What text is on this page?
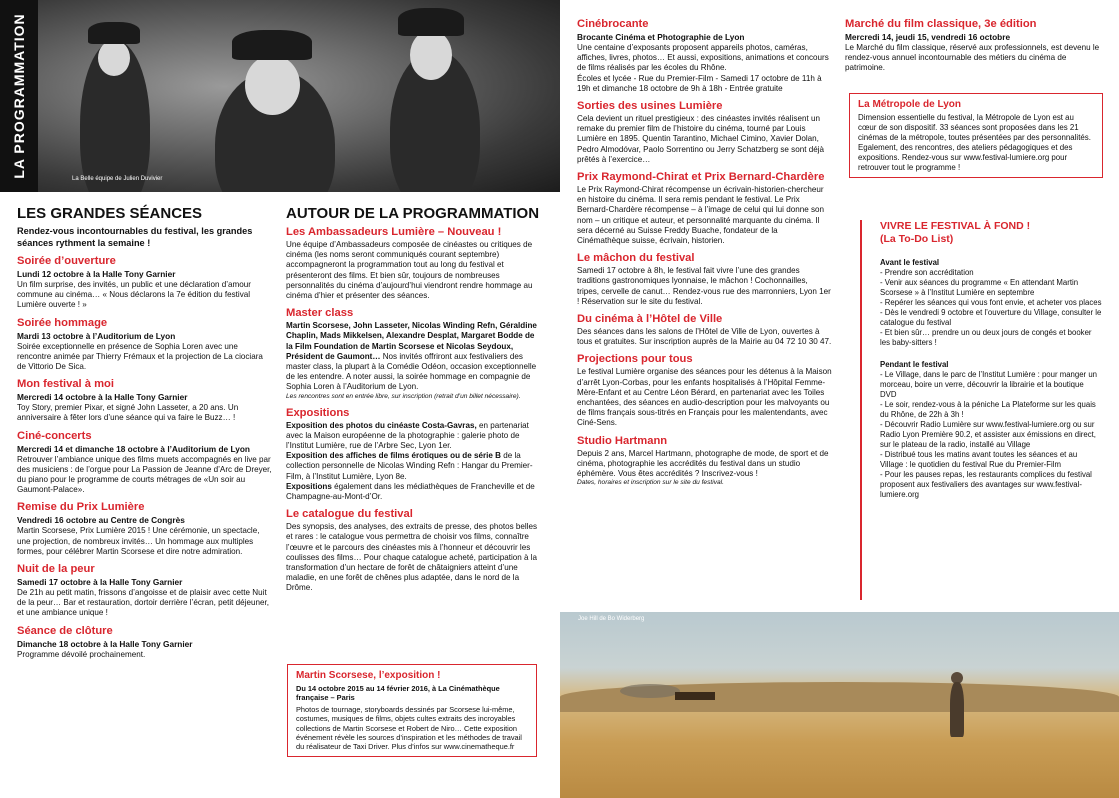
La Belle équipe de Julien Duvivier
LA PROGRAMMATION
LES GRANDES SÉANCES
Rendez-vous incontournables du festival, les grandes séances rythment la semaine !
Soirée d’ouverture
Lundi 12 octobre à la Halle Tony Garnier
Un film surprise, des invités, un public et une déclaration d’amour commune au cinéma… « Nous déclarons la 7e édition du festival Lumière ouverte ! »
Soirée hommage
Mardi 13 octobre à l’Auditorium de Lyon
Soirée exceptionnelle en présence de Sophia Loren avec une rencontre animée par Thierry Frémaux et la projection de La ciociara de Vittorio De Sica.
Mon festival à moi
Mercredi 14 octobre à la Halle Tony Garnier
Toy Story, premier Pixar, et signé John Lasseter, a 20 ans. Un anniversaire à fêter lors d’une séance qui va faire le Buzz… !
Ciné-concerts
Mercredi 14 et dimanche 18 octobre à l’Auditorium de Lyon
Retrouver l’ambiance unique des films muets accompagnés en live par des musiciens : de l’orgue pour La Passion de Jeanne d’Arc de Dreyer, du piano pour le programme de courts métrages de «Un soir au Gaumont-Palace».
Remise du Prix Lumière
Vendredi 16 octobre au Centre de Congrès
Martin Scorsese, Prix Lumière 2015 ! Une cérémonie, un spectacle, une projection, de nombreux invités… Un hommage aux multiples formes, pour célébrer Martin Scorsese et dire notre admiration.
Nuit de la peur
Samedi 17 octobre à la Halle Tony Garnier
De 21h au petit matin, frissons d’angoisse et de plaisir avec cette Nuit de la peur… Bar et restauration, dortoir derrière l’écran, petit déjeuner, et une ambiance unique !
Séance de clôture
Dimanche 18 octobre à la Halle Tony Garnier
Programme dévoilé prochainement.
AUTOUR DE LA PROGRAMMATION
Les Ambassadeurs Lumière – Nouveau !
Une équipe d’Ambassadeurs composée de cinéastes ou critiques de cinéma (les noms seront communiqués courant septembre) accompagneront la programmation tout au long du festival et présenteront des films. Et bien sûr, toujours de nombreuses personnalités du cinéma d’aujourd’hui viendront rendre hommage au cinéma d’hier et présenter des séances.
Master class
Martin Scorsese, John Lasseter, Nicolas Winding Refn, Géraldine Chaplin, Mads Mikkelsen, Alexandre Desplat, Margaret Bodde de la Film Foundation de Martin Scorsese et Nicolas Seydoux, Président de Gaumont… Nos invités offriront aux festivaliers des master class, la plupart à la Comédie Odéon, occasion exceptionnelle de les entendre. A noter aussi, la soirée hommage en compagnie de Sophia Loren à l’Auditorium de Lyon.
Les rencontres sont en entrée libre, sur inscription (retrait d’un billet nécessaire).
Expositions
Exposition des photos du cinéaste Costa-Gavras, en partenariat avec la Maison européenne de la photographie : galerie photo de l’Institut Lumière, rue de l’Arbre Sec, Lyon 1er.
Exposition des affiches de films érotiques ou de série B de la collection personnelle de Nicolas Winding Refn : Hangar du Premier-Film, à l’Institut Lumière, Lyon 8e.
Expositions également dans les médiathèques de Francheville et de Champagne-au-Mont-d’Or.
Le catalogue du festival
Des synopsis, des analyses, des extraits de presse, des photos belles et rares : le catalogue vous permettra de choisir vos films, connaître l’œuvre et le parcours des cinéastes mis à l’honneur et découvrir les coulisses des films… Pour chaque catalogue acheté, participation à la transformation d’un hectare de forêt de châtaigniers atteint d’une maladie, en une forêt de chênes plus adaptée, dans le nord de la Drôme.
Martin Scorsese, l’exposition !
Du 14 octobre 2015 au 14 février 2016, à La Cinémathèque française – Paris
Photos de tournage, storyboards dessinés par Scorsese lui-même, costumes, musiques de films, objets cultes extraits des incroyables collections de Martin Scorsese et Robert de Niro… Cette exposition événement révèle les sources d’inspiration et les méthodes de travail du réalisateur de Taxi Driver. Plus d’infos sur www.cinematheque.fr
Cinébrocante
Brocante Cinéma et Photographie de Lyon
Une centaine d’exposants proposent appareils photos, caméras, affiches, livres, photos… Et aussi, expositions, animations et concours de films réalisés par les écoles du Rhône.
Écoles et lycée - Rue du Premier-Film - Samedi 17 octobre de 11h à 19h et dimanche 18 octobre de 9h à 18h - Entrée gratuite
Sorties des usines Lumière
Cela devient un rituel prestigieux : des cinéastes invités réalisent un remake du premier film de l’histoire du cinéma, tourné par Louis Lumière en 1895. Quentin Tarantino, Michael Cimino, Xavier Dolan, Pedro Almodóvar, Paolo Sorrentino ou Jerry Schatzberg se sont déjà prêtés à l’exercice…
Prix Raymond-Chirat et Prix Bernard-Chardère
Le Prix Raymond-Chirat récompense un écrivain-historien-chercheur en histoire du cinéma. Il sera remis pendant le festival. Le Prix Bernard-Chardère récompense – à l’image de celui qui lui donne son nom – un critique et auteur, et personnalité marquante du cinéma. Il sera décerné au Suisse Freddy Buache, fondateur de la Cinémathèque suisse, écrivain, historien.
Le mâchon du festival
Samedi 17 octobre à 8h, le festival fait vivre l’une des grandes traditions gastronomiques lyonnaise, le mâchon ! Cochonnailles, tripes, cervelle de canut… Rendez-vous rue des marronniers, Lyon 1er ! Réservation sur le site du festival.
Du cinéma à l’Hôtel de Ville
Des séances dans les salons de l’Hôtel de Ville de Lyon, ouvertes à tous et gratuites. Sur inscription auprès de la Mairie au 04 72 10 30 47.
Projections pour tous
Le festival Lumière organise des séances pour les détenus à la Maison d’arrêt Lyon-Corbas, pour les enfants hospitalisés à l’Hôpital Femme-Mère-Enfant et au Centre Léon Bérard, en partenariat avec les Toiles enchantées, des séances en audio-description pour les malvoyants ou de films français sous-titrés en Français pour les malentendants, avec Ciné-Sens.
Studio Hartmann
Depuis 2 ans, Marcel Hartmann, photographe de mode, de sport et de cinéma, photographie les accrédités du festival dans un studio éphémère. Vous êtes accrédités ? Inscrivez-vous !
Dates, horaires et inscription sur le site du festival.
Marché du film classique, 3e édition
Mercredi 14, jeudi 15, vendredi 16 octobre
Le Marché du film classique, réservé aux professionnels, est devenu le rendez-vous annuel incontournable des métiers du cinéma de patrimoine.
La Métropole de Lyon
Dimension essentielle du festival, la Métropole de Lyon est au cœur de son dispositif. 33 séances sont proposées dans les 21 cinémas de la métropole, toutes présentées par des personnalités. Egalement, des rencontres, des ateliers pédagogiques et des expositions. Rendez-vous sur www.festival-lumiere.org pour retrouver tout le programme !
VIVRE LE FESTIVAL À FOND !
(La To-Do List)
Avant le festival
- Prendre son accréditation
- Venir aux séances du programme « En attendant Martin Scorsese » à l’Institut Lumière en septembre
- Repérer les séances qui vous font envie, et acheter vos places
- Dès le vendredi 9 octobre et l’ouverture du Village, consulter le catalogue du festival
- Et bien sûr… prendre un ou deux jours de congés et booker les baby-sitters !
Pendant le festival
- Le Village, dans le parc de l’Institut Lumière : pour manger un morceau, boire un verre, découvrir la librairie et la boutique DVD
- Le soir, rendez-vous à la péniche La Plateforme sur les quais du Rhône, de 22h à 3h !
- Découvrir Radio Lumière sur www.festival-lumiere.org ou sur Radio Lyon Première 90.2, et assister aux émissions en direct, sur le plateau de la radio, installé au Village
- Distribué tous les matins avant toutes les séances et au Village : le quotidien du festival Rue du Premier-Film
- Pour les pauses repas, les restaurants complices du festival proposent aux festivaliers des avantages sur www.festival-lumiere.org
Joe Hill de Bo Widerberg
